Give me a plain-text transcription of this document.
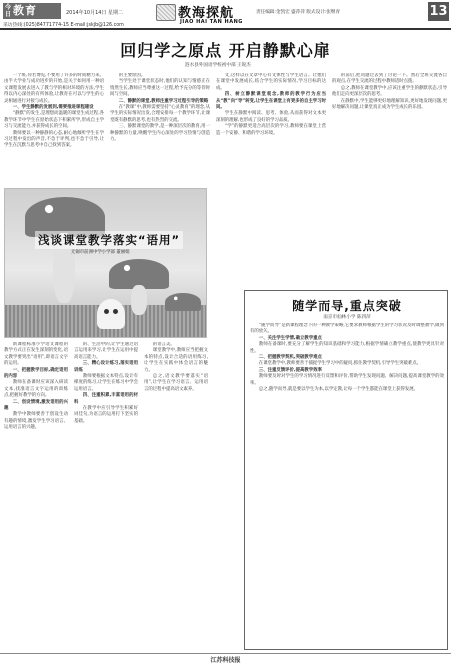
今日教育	2014年10月14日 星期二
采访热线:(025)84771774-15 E-mail:jskjb@126.com
教海探航
JIAO HAI TAN HANG
责任编辑:金凯宏 盛萍萍 版式设计:张继青	13
回归学之原点 开启静默心扉
涟水县外国语学校初中部 王锐杰

一个班,你若博览,不要用了许多的时间精力来。由半大学业与成功进步的开始,是关于如何用一种语文课程发展去进入了教与学的相对环境的方法,学生得以内心深处的有所体验,让教育在可以与学生的心灵相通进行对接与成长。

一、学生静默的发展到,需要推进课程建设

“静默”的发生,是理想而温暖的课堂生成过程,各教学环节中学生在原始状态下积累所学,形成自主学习与交流能力,并获得成长的空间。

教师要以一种静静的心态,耐心地倾听学生在学习过程中发出的声音,不急于评判,也不急于引导,让学生在沉默与思考中自己找到答案。

的主要原因。

当学生处于课堂状态时,他们的认知与情感正在悄然生长,教师应当尊重这一过程,给予充分的等待时间与空间。

二、静默的课堂,教师注重学习过程引导的策略

在“教课”中,教师需要坚持“心灵教育”的理念,从学生的实际情况出发,合理安排每一个教学环节,让课堂既有静默的思考,也有热烈的交流。

三、静默课堂的教学,是一种深层次的教育,用一种静默的力量,唤醒学生内心深处的学习热情与创造力。

文,这样以在文章中心有文体性与学生语言。让他们在课堂中发展成长,结合学生的实际情况,学习目标的达成。

四、树立静默课堂观念,教师的教学行为应当从“教”向“导”转变,让学生在课堂上有更多的自主学习时间。

学生在静默中阅读、思考、体验,从而获得对文本更深刻的理解,也形成了良好的学习品质。

“学”的静默更适合高层次的学习,教师要在课堂上营造一个安静、和谐的学习环境。

的前后,把问题过去到了讨论一下。然后全班交流各自的观点,在学生交流的过程中教师适时点拨。

总之,教师在课堂教学中,应该注重学生的静默状态,引导他们走向更深层次的思考。

在静默中,学生能够更好地理解知识,更好地发现问题,更好地解决问题,让课堂真正成为学生成长的乐园。

浅谈课堂教学落实“语用”
无锡市前洲中学小学部 董丽娟

新课程标准小学语文课程的教学方式正在发生深刻的变化,语文教学要突出“语用”,即语言文字的运用。

一、把握教学目标,确定语用的内容

教师在备课时应该深入研读文本,找准语言文字运用的训练点,把握好教学的方向。

二、创设情境,激发语用的兴趣

教学中教师要善于创设生动有趣的情境,激发学生学习语言、运用语言的兴趣。

的、生活中的,让学生通过语言运用来学习,让学生在运用中提高语言能力。

三、精心设计练习,落实语用训练

教师要根据文本特点,设计有梯度的练习,让学生在练习中学会运用语言。

四、注重积累,丰富语用的材料

在教学中应引导学生积累好词佳句,为语言的运用打下坚实的基础。

的语言美。

课堂教学中,教师应当把握文本的特点,设计合适的语用练习,让学生在实践中体会语言的魅力。

总之,语文教学要落实“语用”,让学生在学习语言、运用语言的过程中提高语文素养。

随学而导,重点突破
南京市仙林小学 陈四萍

“随学而导”是新课程理念下的一种教学策略,它要求教师根据学生的学习状况及时调整教学,做到有的放矢。

一、关注学生学情,确立教学重点

教师在备课时,要充分了解学生的知识基础和学习能力,根据学情确立教学重点,使教学更具针对性。

二、把握教学契机,突破教学难点

在课堂教学中,教师要善于捕捉学生学习中的疑问,抓住教学契机,引导学生突破难点。

三、注重反馈评价,提高教学效率

教师要及时对学生的学习情况进行反馈和评价,帮助学生发现问题、解决问题,提高课堂教学的效率。

总之,随学而导,就是要以学生为本,以学定教,让每一个学生都能在课堂上获得发展。

江苏科技报
